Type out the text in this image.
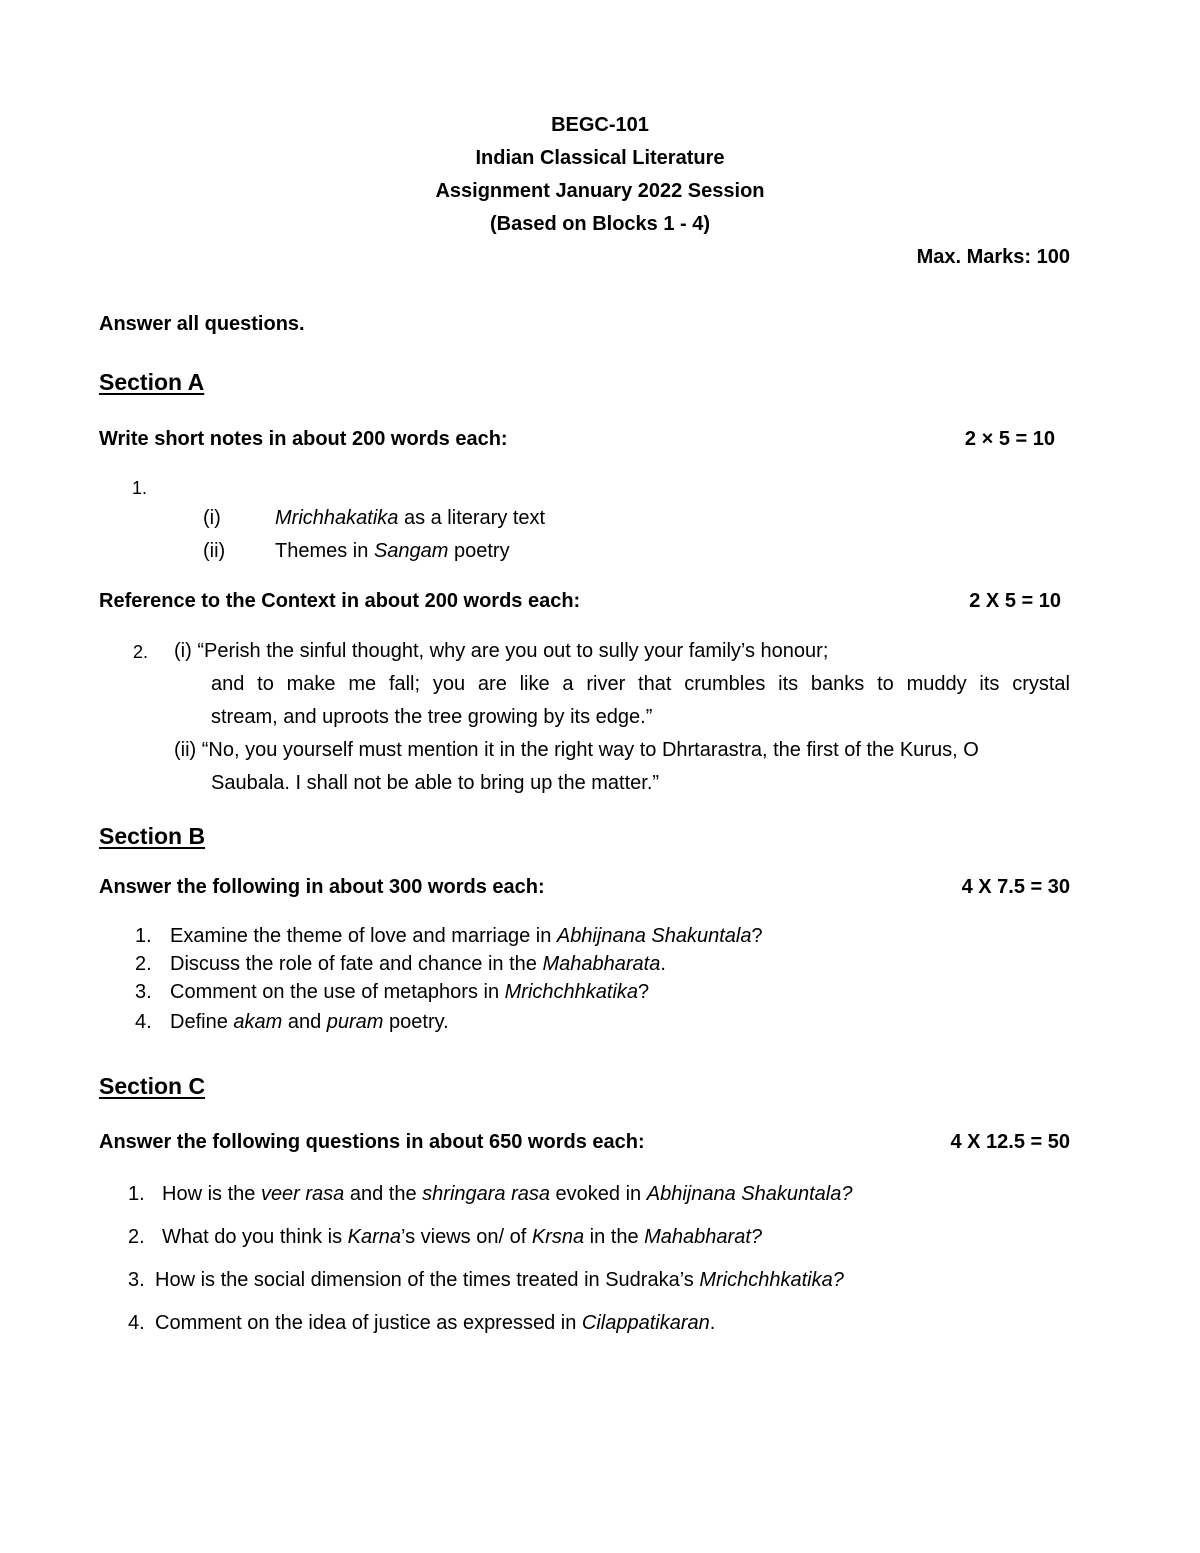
BEGC-101
Indian Classical Literature
Assignment January 2022 Session
(Based on Blocks 1 - 4)
Max. Marks: 100
Answer all questions.
Section A
Write short notes in about 200 words each:	2 × 5 = 10
1.
(i)	Mrichhakatika as a literary text
(ii) Themes in Sangam poetry
Reference to the Context in about 200 words each:	2 X 5 = 10
2. (i) “Perish the sinful thought, why are you out to sully your family’s honour;
and to make me fall; you are like a river that crumbles its banks to muddy its crystal
stream, and uproots the tree growing by its edge.”
(ii) “No, you yourself must mention it in the right way to Dhrtarastra, the first of the Kurus, O
Saubala. I shall not be able to bring up the matter.”
Section B
Answer the following in about 300 words each:	4 X 7.5 = 30
1. Examine the theme of love and marriage in Abhijnana Shakuntala?
2. Discuss the role of fate and chance in the Mahabharata.
3. Comment on the use of metaphors in Mrichchhkatika?
4. Define akam and puram poetry.
Section C
Answer the following questions in about 650 words each:	4 X 12.5 = 50
1. How is the veer rasa and the shringara rasa evoked in Abhijnana Shakuntala?
2. What do you think is Karna’s views on/ of Krsna in the Mahabharat?
3. How is the social dimension of the times treated in Sudraka’s Mrichchhkatika?
4. Comment on the idea of justice as expressed in Cilappatikaran.
